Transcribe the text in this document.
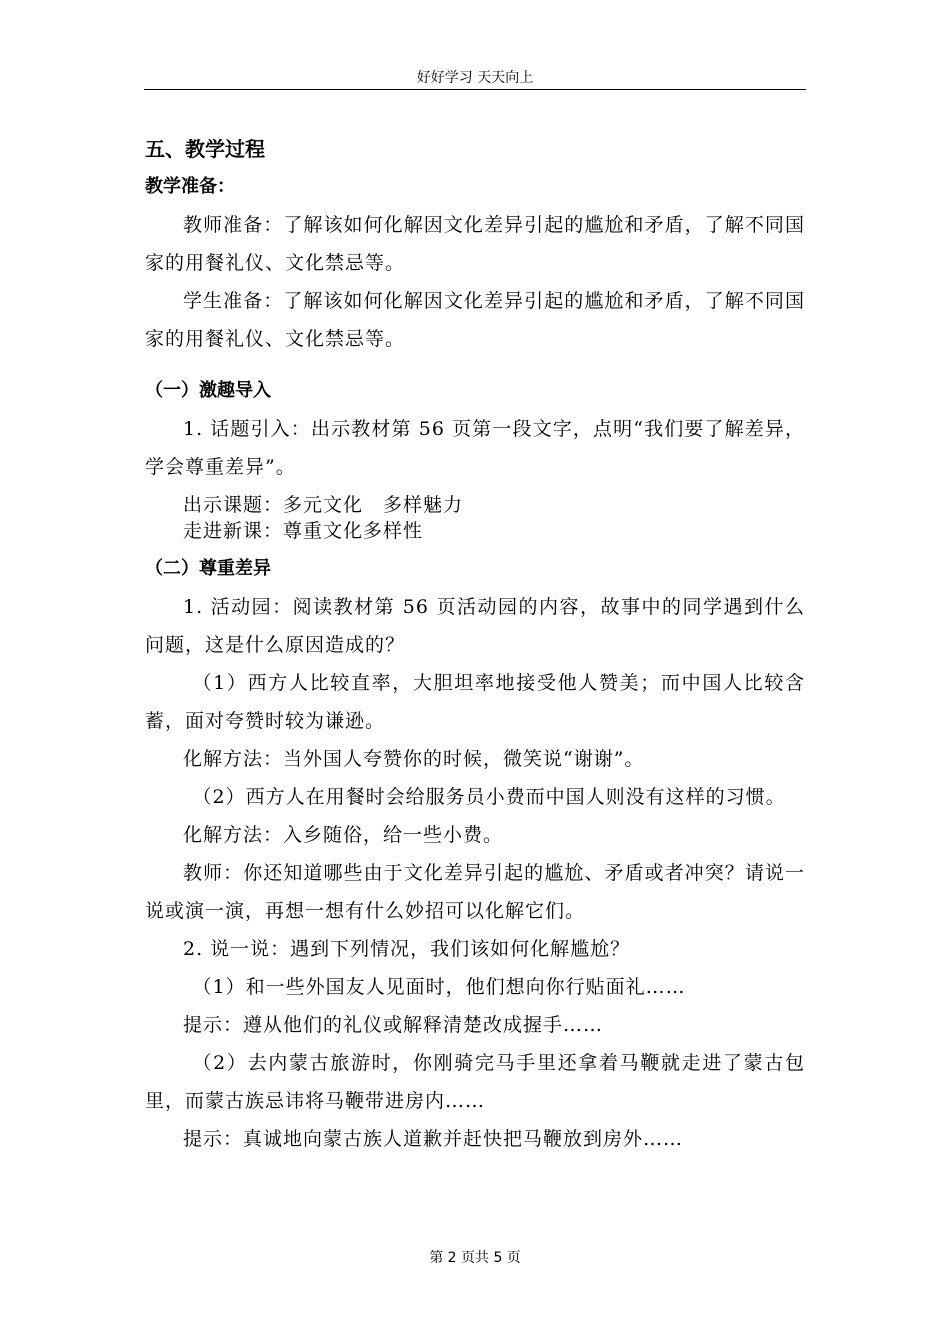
好好学习 天天向上
五、教学过程
教学准备：
教师准备：了解该如何化解因文化差异引起的尴尬和矛盾，了解不同国家的用餐礼仪、文化禁忌等。
学生准备：了解该如何化解因文化差异引起的尴尬和矛盾，了解不同国家的用餐礼仪、文化禁忌等。
（一）激趣导入
1. 话题引入：出示教材第 56 页第一段文字，点明“我们要了解差异，学会尊重差异”。
出示课题：多元文化　多样魅力
走进新课：尊重文化多样性
（二）尊重差异
1. 活动园：阅读教材第 56 页活动园的内容，故事中的同学遇到什么问题，这是什么原因造成的？
（1）西方人比较直率，大胆坦率地接受他人赞美；而中国人比较含蓄，面对夸赞时较为谦逊。
化解方法：当外国人夸赞你的时候，微笑说“谢谢”。
（2）西方人在用餐时会给服务员小费而中国人则没有这样的习惯。
化解方法：入乡随俗，给一些小费。
教师：你还知道哪些由于文化差异引起的尴尬、矛盾或者冲突？请说一说或演一演，再想一想有什么妙招可以化解它们。
2. 说一说：遇到下列情况，我们该如何化解尴尬？
（1）和一些外国友人见面时，他们想向你行贴面礼……
提示：遵从他们的礼仪或解释清楚改成握手……
（2）去内蒙古旅游时，你刚骑完马手里还拿着马鞭就走进了蒙古包里，而蒙古族忌讳将马鞭带进房内……
提示：真诚地向蒙古族人道歉并赶快把马鞭放到房外……
第 2 页共 5 页
